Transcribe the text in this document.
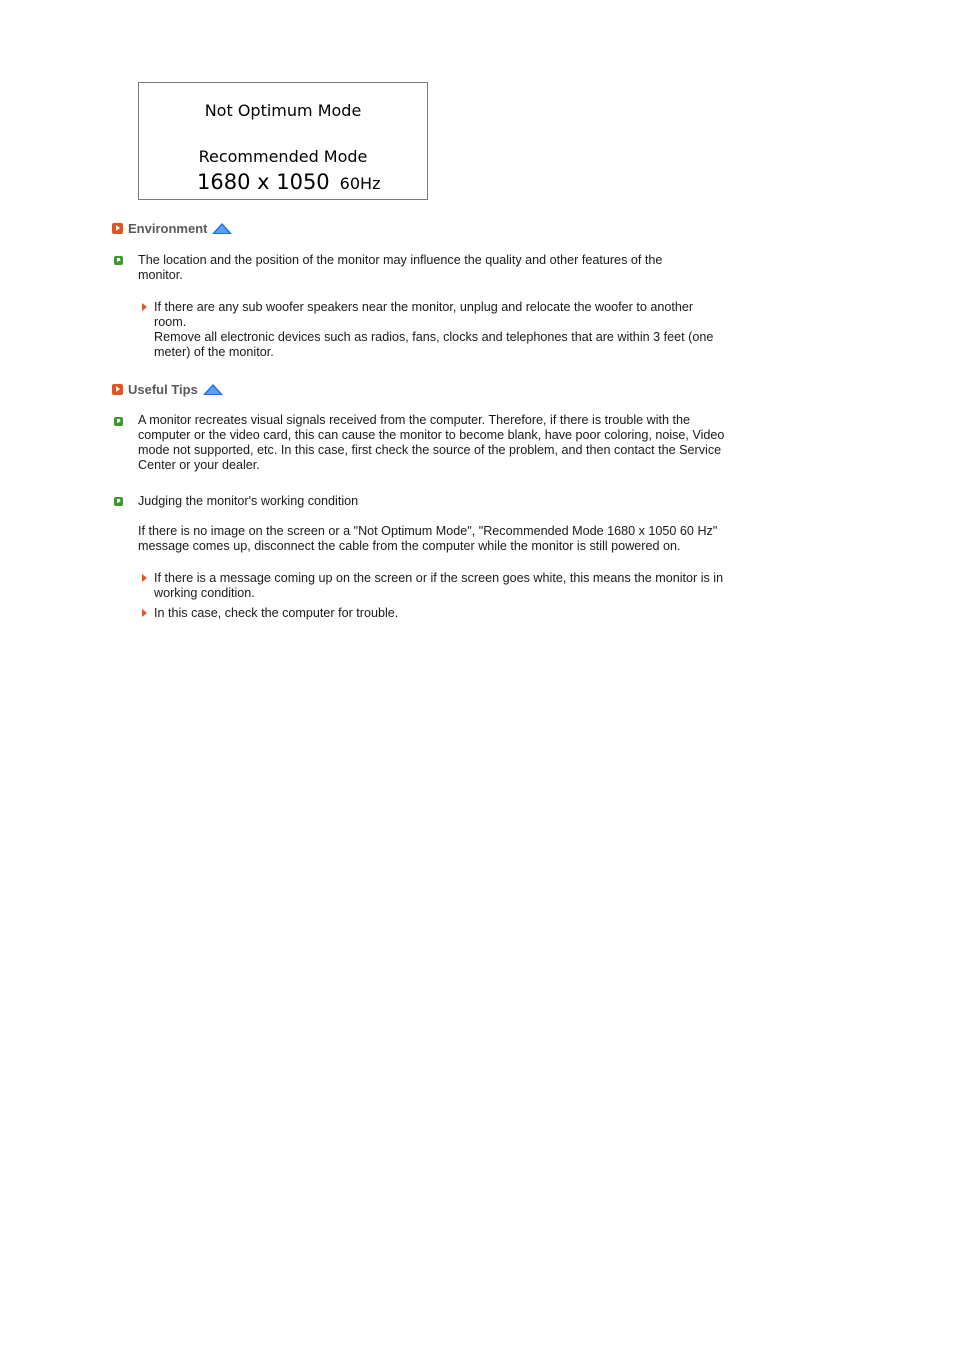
Not Optimum Mode
Recommended Mode
1680 x 1050 60Hz
Environment
The location and the position of the monitor may influence the quality and other features of the monitor.
If there are any sub woofer speakers near the monitor, unplug and relocate the woofer to another room.
Remove all electronic devices such as radios, fans, clocks and telephones that are within 3 feet (one meter) of the monitor.
Useful Tips
A monitor recreates visual signals received from the computer. Therefore, if there is trouble with the computer or the video card, this can cause the monitor to become blank, have poor coloring, noise, Video mode not supported, etc. In this case, first check the source of the problem, and then contact the Service Center or your dealer.
Judging the monitor's working condition
If there is no image on the screen or a "Not Optimum Mode", "Recommended Mode 1680 x 1050 60 Hz" message comes up, disconnect the cable from the computer while the monitor is still powered on.
If there is a message coming up on the screen or if the screen goes white, this means the monitor is in working condition.
In this case, check the computer for trouble.
